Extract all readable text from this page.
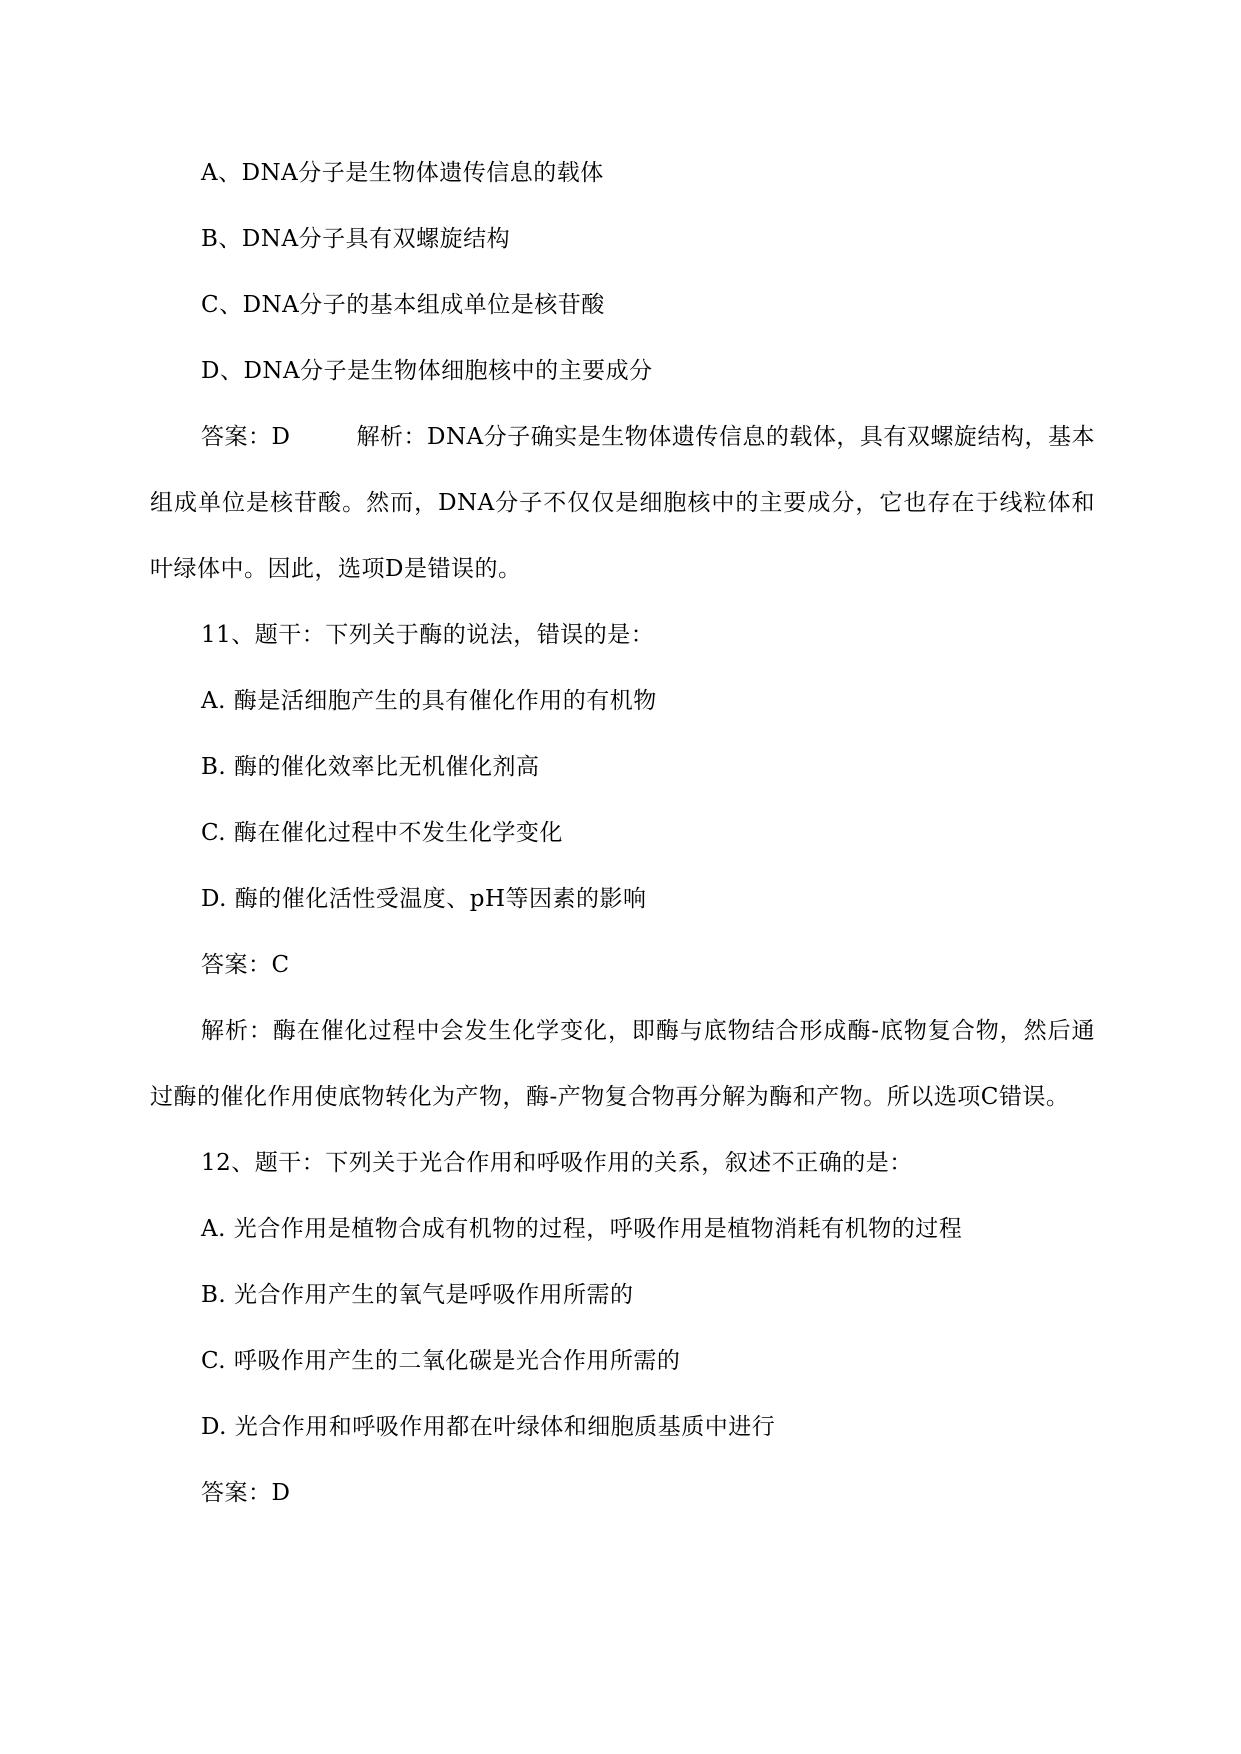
A、DNA分子是生物体遗传信息的载体

B、DNA分子具有双螺旋结构

C、DNA分子的基本组成单位是核苷酸

D、DNA分子是生物体细胞核中的主要成分

答案：D	解析：DNA分子确实是生物体遗传信息的载体，具有双螺旋结构，基本组成单位是核苷酸。然而，DNA分子不仅仅是细胞核中的主要成分，它也存在于线粒体和叶绿体中。因此，选项D是错误的。

11、题干：下列关于酶的说法，错误的是：

A. 酶是活细胞产生的具有催化作用的有机物

B. 酶的催化效率比无机催化剂高

C. 酶在催化过程中不发生化学变化

D. 酶的催化活性受温度、pH等因素的影响

答案：C

解析：酶在催化过程中会发生化学变化，即酶与底物结合形成酶-底物复合物，然后通过酶的催化作用使底物转化为产物，酶-产物复合物再分解为酶和产物。所以选项C错误。

12、题干：下列关于光合作用和呼吸作用的关系，叙述不正确的是：

A. 光合作用是植物合成有机物的过程，呼吸作用是植物消耗有机物的过程

B. 光合作用产生的氧气是呼吸作用所需的

C. 呼吸作用产生的二氧化碳是光合作用所需的

D. 光合作用和呼吸作用都在叶绿体和细胞质基质中进行

答案：D
